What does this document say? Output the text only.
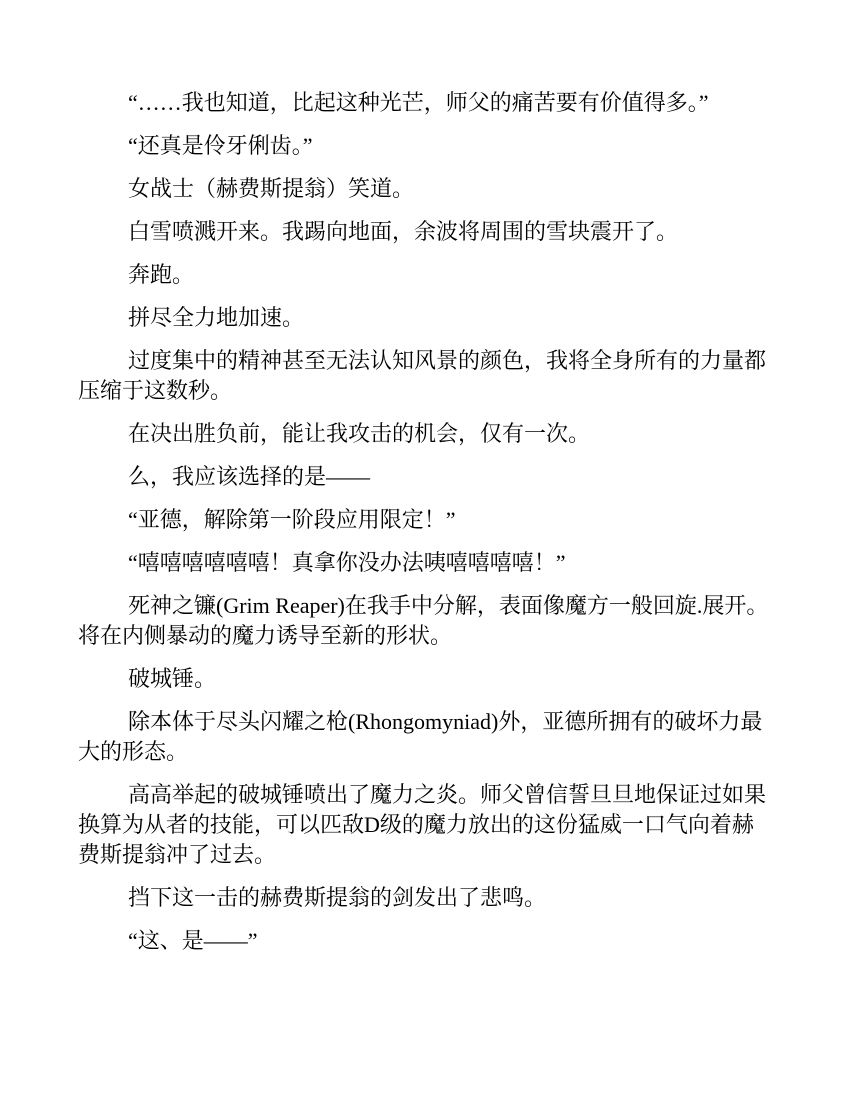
“……我也知道，比起这种光芒，师父的痛苦要有价值得多。”

“还真是伶牙俐齿。”

女战士（赫费斯提翁）笑道。

白雪喷溅开来。我踢向地面，余波将周围的雪块震开了。

奔跑。

拼尽全力地加速。

过度集中的精神甚至无法认知风景的颜色，我将全身所有的力量都压缩于这数秒。

在决出胜负前，能让我攻击的机会，仅有一次。

么，我应该选择的是——

“亚德，解除第一阶段应用限定！”

“嘻嘻嘻嘻嘻嘻！真拿你没办法咦嘻嘻嘻嘻！”

死神之镰(Grim Reaper)在我手中分解，表面像魔方一般回旋.展开。将在内侧暴动的魔力诱导至新的形状。

破城锤。

除本体于尽头闪耀之枪(Rhongomyniad)外，亚德所拥有的破坏力最大的形态。

高高举起的破城锤喷出了魔力之炎。师父曾信誓旦旦地保证过如果换算为从者的技能，可以匹敌D级的魔力放出的这份猛威一口气向着赫费斯提翁冲了过去。

挡下这一击的赫费斯提翁的剑发出了悲鸣。

“这、是——”
